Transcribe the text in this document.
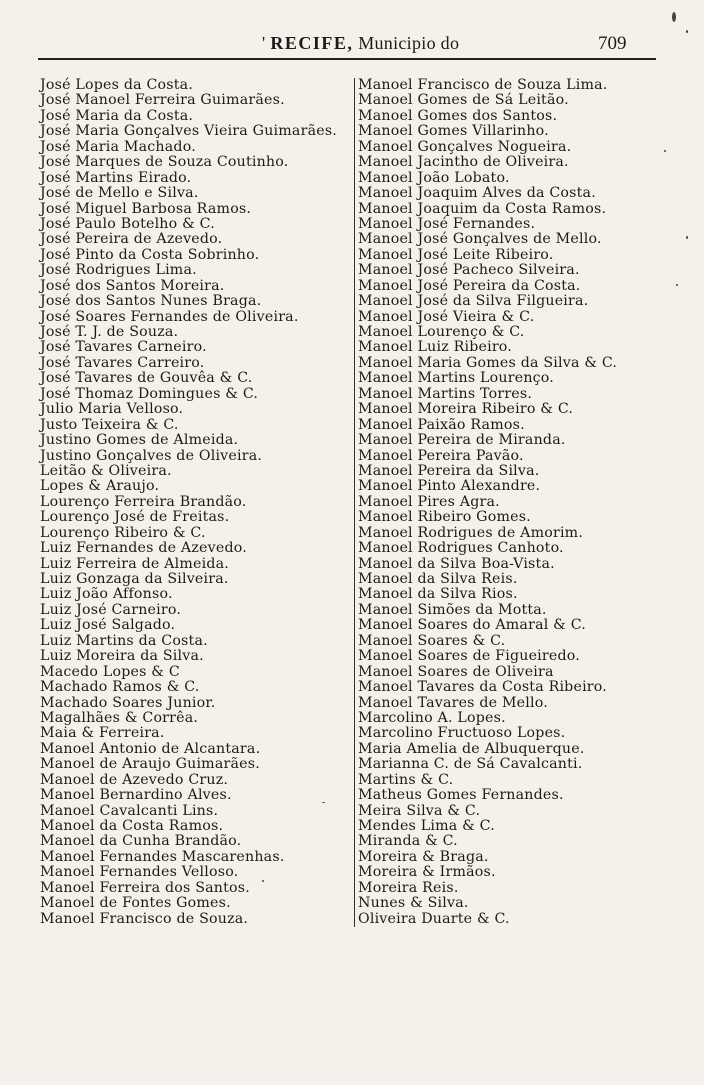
' RECIFE, Municipio do	709
José Lopes da Costa.
José Manoel Ferreira Guimarães.
José Maria da Costa.
José Maria Gonçalves Vieira Guimarães.
José Maria Machado.
José Marques de Souza Coutinho.
José Martins Eirado.
José de Mello e Silva.
José Miguel Barbosa Ramos.
José Paulo Botelho & C.
José Pereira de Azevedo.
José Pinto da Costa Sobrinho.
José Rodrigues Lima.
José dos Santos Moreira.
José dos Santos Nunes Braga.
José Soares Fernandes de Oliveira.
José T. J. de Souza.
José Tavares Carneiro.
José Tavares Carreiro.
José Tavares de Gouvêa & C.
José Thomaz Domingues & C.
Julio Maria Velloso.
Justo Teixeira & C.
Justino Gomes de Almeida.
Justino Gonçalves de Oliveira.
Leitão & Oliveira.
Lopes & Araujo.
Lourenço Ferreira Brandão.
Lourenço José de Freitas.
Lourenço Ribeiro & C.
Luiz Fernandes de Azevedo.
Luiz Ferreira de Almeida.
Luiz Gonzaga da Silveira.
Luiz João Affonso.
Luiz José Carneiro.
Luiz José Salgado.
Luiz Martins da Costa.
Luiz Moreira da Silva.
Macedo Lopes & C
Machado Ramos & C.
Machado Soares Junior.
Magalhães & Corrêa.
Maia & Ferreira.
Manoel Antonio de Alcantara.
Manoel de Araujo Guimarães.
Manoel de Azevedo Cruz.
Manoel Bernardino Alves.
Manoel Cavalcanti Lins.
Manoel da Costa Ramos.
Manoel da Cunha Brandão.
Manoel Fernandes Mascarenhas.
Manoel Fernandes Velloso.
Manoel Ferreira dos Santos.
Manoel de Fontes Gomes.
Manoel Francisco de Souza.
Manoel Francisco de Souza Lima.
Manoel Gomes de Sá Leitão.
Manoel Gomes dos Santos.
Manoel Gomes Villarinho.
Manoel Gonçalves Nogueira.
Manoel Jacintho de Oliveira.
Manoel João Lobato.
Manoel Joaquim Alves da Costa.
Manoel Joaquim da Costa Ramos.
Manoel José Fernandes.
Manoel José Gonçalves de Mello.
Manoel José Leite Ribeiro.
Manoel José Pacheco Silveira.
Manoel José Pereira da Costa.
Manoel José da Silva Filgueira.
Manoel José Vieira & C.
Manoel Lourenço & C.
Manoel Luiz Ribeiro.
Manoel Maria Gomes da Silva & C.
Manoel Martins Lourenço.
Manoel Martins Torres.
Manoel Moreira Ribeiro & C.
Manoel Paixão Ramos.
Manoel Pereira de Miranda.
Manoel Pereira Pavão.
Manoel Pereira da Silva.
Manoel Pinto Alexandre.
Manoel Pires Agra.
Manoel Ribeiro Gomes.
Manoel Rodrigues de Amorim.
Manoel Rodrigues Canhoto.
Manoel da Silva Boa-Vista.
Manoel da Silva Reis.
Manoel da Silva Rios.
Manoel Simões da Motta.
Manoel Soares do Amaral & C.
Manoel Soares & C.
Manoel Soares de Figueiredo.
Manoel Soares de Oliveira
Manoel Tavares da Costa Ribeiro.
Manoel Tavares de Mello.
Marcolino A. Lopes.
Marcolino Fructuoso Lopes.
Maria Amelia de Albuquerque.
Marianna C. de Sá Cavalcanti.
Martins & C.
Matheus Gomes Fernandes.
Meira Silva & C.
Mendes Lima & C.
Miranda & C.
Moreira & Braga.
Moreira & Irmãos.
Moreira Reis.
Nunes & Silva.
Oliveira Duarte & C.
